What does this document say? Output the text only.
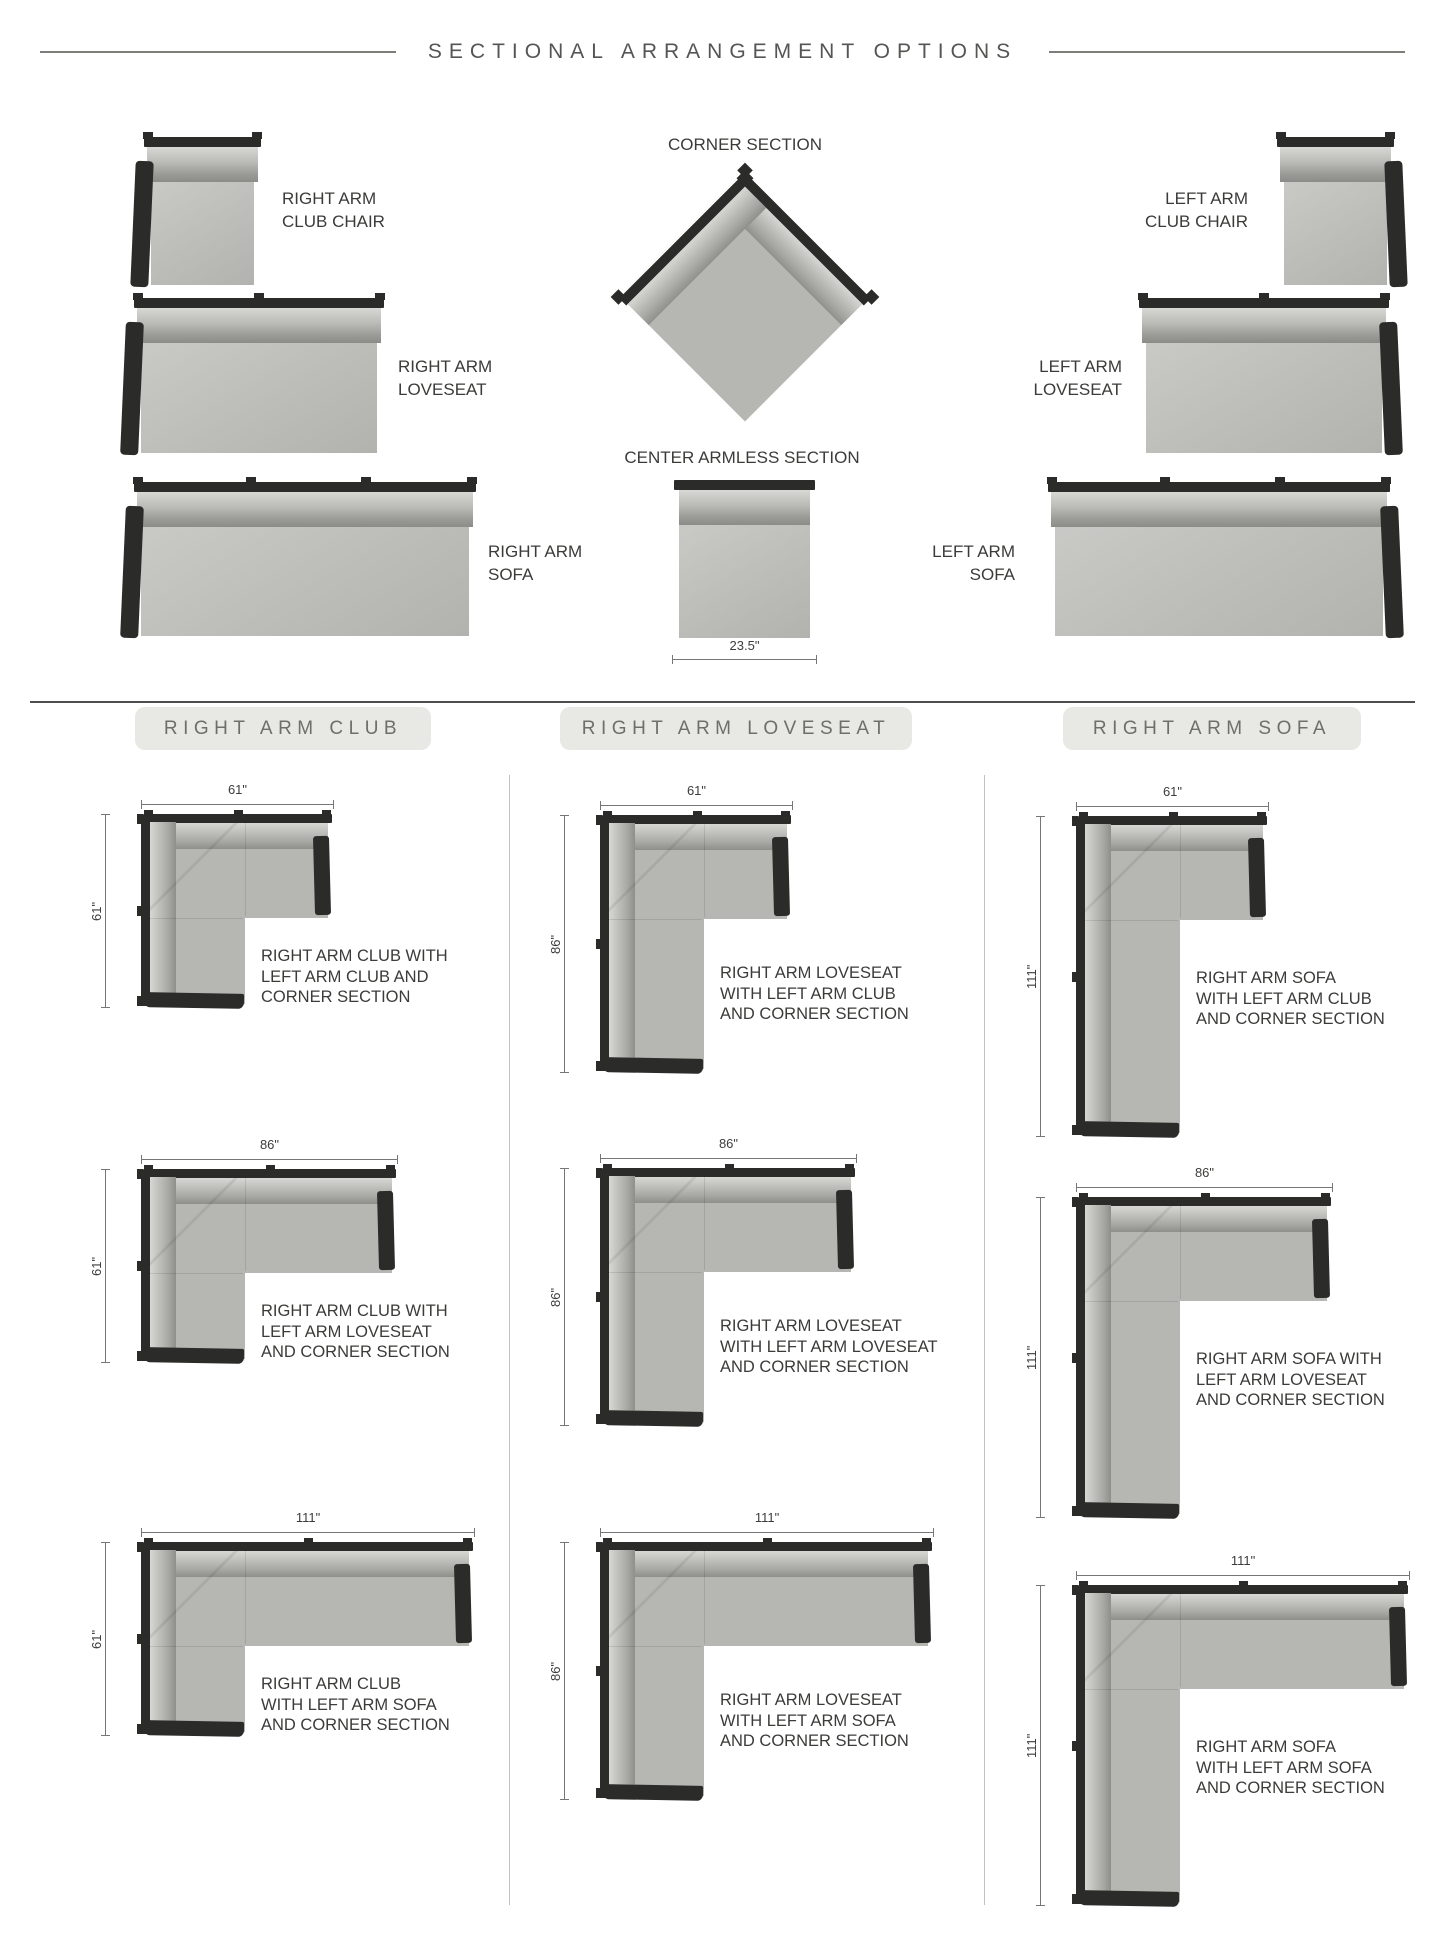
SECTIONAL ARRANGEMENT OPTIONS
RIGHT ARM
CLUB CHAIR
RIGHT ARM
LOVESEAT
RIGHT ARM
SOFA
CORNER SECTION
CENTER ARMLESS SECTION
23.5"
LEFT ARM
CLUB CHAIR
LEFT ARM
LOVESEAT
LEFT ARM
SOFA
RIGHT ARM CLUB	RIGHT ARM LOVESEAT	RIGHT ARM SOFA
61"
61"
RIGHT ARM CLUB WITH
LEFT ARM CLUB AND
CORNER SECTION
86"
61"
RIGHT ARM CLUB WITH
LEFT ARM LOVESEAT
AND CORNER SECTION
111"
61"
RIGHT ARM CLUB
WITH LEFT ARM SOFA
AND CORNER SECTION
61"
86"
RIGHT ARM LOVESEAT
WITH LEFT ARM CLUB
AND CORNER SECTION
86"
86"
RIGHT ARM LOVESEAT
WITH LEFT ARM LOVESEAT
AND CORNER SECTION
111"
86"
RIGHT ARM LOVESEAT
WITH LEFT ARM SOFA
AND CORNER SECTION
61"
111"	RIGHT ARM SOFA
WITH LEFT ARM CLUB
AND CORNER SECTION
86"
111"	RIGHT ARM SOFA WITH
LEFT ARM LOVESEAT
AND CORNER SECTION
111"
111"	RIGHT ARM SOFA
WITH LEFT ARM SOFA
AND CORNER SECTION
